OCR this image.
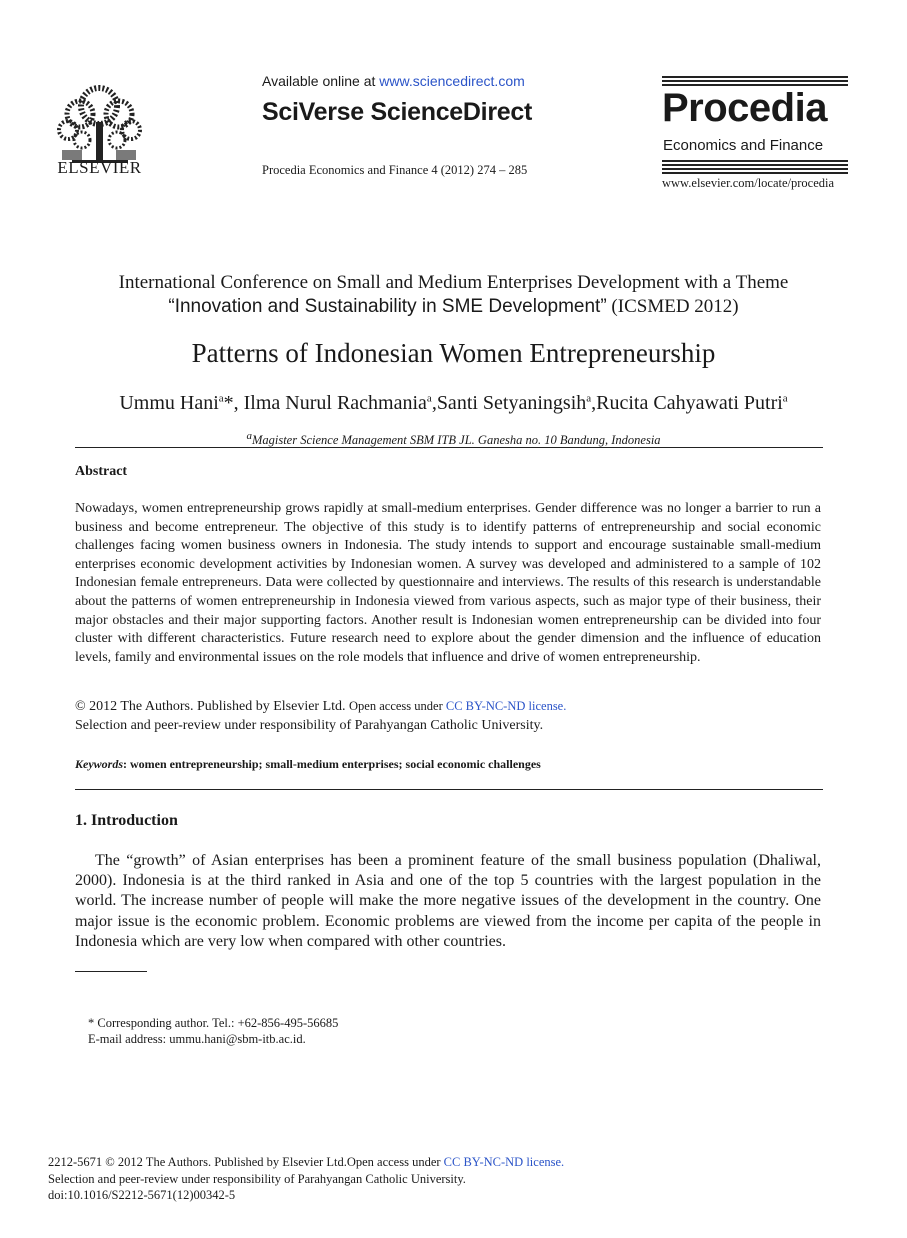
ELSEVIER
Available online at www.sciencedirect.com
SciVerse ScienceDirect
Procedia Economics and Finance 4 (2012) 274 – 285
Procedia
Economics and Finance
www.elsevier.com/locate/procedia
International Conference on Small and Medium Enterprises Development with a Theme
“Innovation and Sustainability in SME Development” (ICSMED 2012)
Patterns of Indonesian Women Entrepreneurship
Ummu Hani$^a$*, Ilma Nurul Rachmania$^a$,Santi Setyaningsih$^a$,Rucita Cahyawati Putri$^a$
$^a$Magister Science Management SBM ITB JL. Ganesha no. 10 Bandung, Indonesia
Abstract
Nowadays, women entrepreneurship grows rapidly at small-medium enterprises. Gender difference was no longer a barrier to run a business and become entrepreneur. The objective of this study is to identify patterns of entrepreneurship and social economic challenges facing women business owners in Indonesia. The study intends to support and encourage sustainable small-medium enterprises economic development activities by Indonesian women. A survey was developed and administered to a sample of 102 Indonesian female entrepreneurs. Data were collected by questionnaire and interviews. The results of this research is understandable about the patterns of women entrepreneurship in Indonesia viewed from various aspects, such as major type of their business, their major obstacles and their major supporting factors. Another result is Indonesian women entrepreneurship can be divided into four cluster with different characteristics. Future research need to explore about the gender dimension and the influence of education levels, family and environmental issues on the role models that influence and drive of women entrepreneurship.
© 2012 The Authors. Published by Elsevier Ltd. Open access under CC BY-NC-ND license.
Selection and peer-review under responsibility of Parahyangan Catholic University.
Keywords: women entrepreneurship; small-medium enterprises; social economic challenges
1. Introduction
The “growth” of Asian enterprises has been a prominent feature of the small business population (Dhaliwal, 2000). Indonesia is at the third ranked in Asia and one of the top 5 countries with the largest population in the world. The increase number of people will make the more negative issues of the development in the country. One major issue is the economic problem. Economic problems are viewed from the income per capita of the people in Indonesia which are very low when compared with other countries.
* Corresponding author. Tel.: +62-856-495-56685
E-mail address: ummu.hani@sbm-itb.ac.id.
2212-5671 © 2012 The Authors. Published by Elsevier Ltd.Open access under CC BY-NC-ND license.
Selection and peer-review under responsibility of Parahyangan Catholic University.
doi:10.1016/S2212-5671(12)00342-5
